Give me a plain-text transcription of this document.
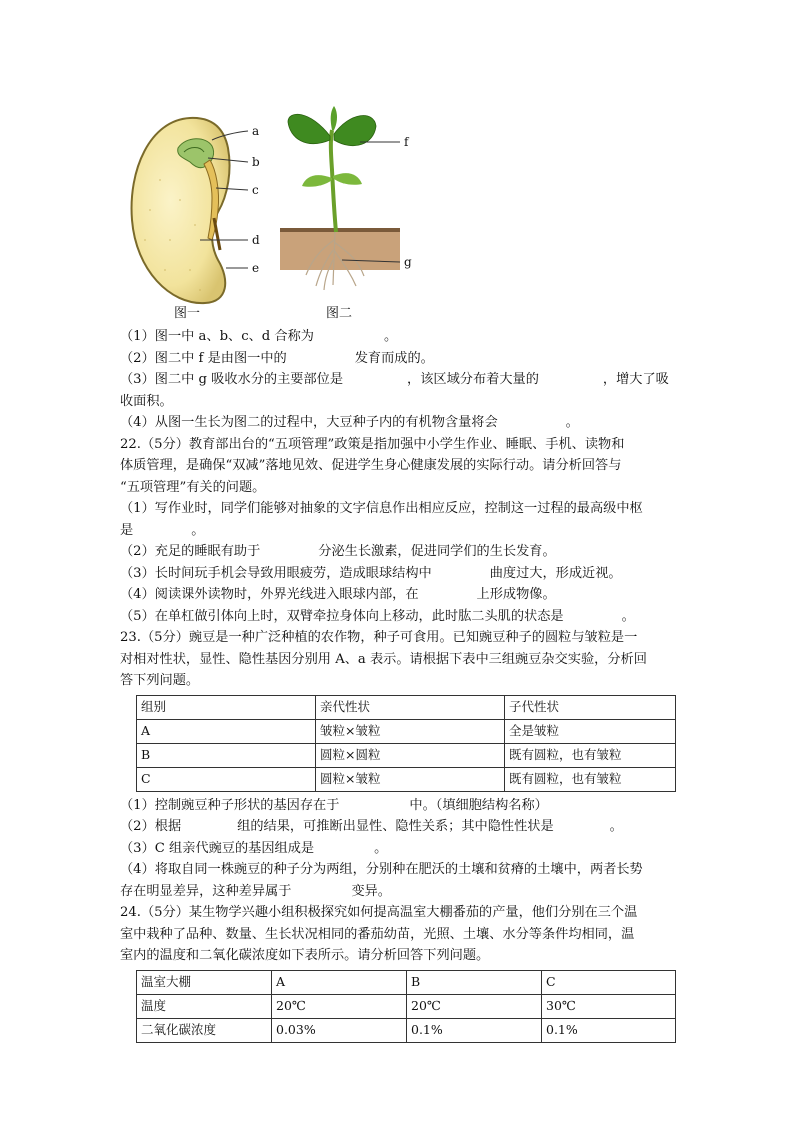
a
b
c
d
e
f
g
图一	图二
（1）图一中 a、b、c、d 合称为	。
（2）图二中 f 是由图一中的	发育而成的。
（3）图二中 g 吸收水分的主要部位是	，该区域分布着大量的	，增大了吸
收面积。
（4）从图一生长为图二的过程中，大豆种子内的有机物含量将会	。
22.（5分）教育部出台的“五项管理”政策是指加强中小学生作业、睡眠、手机、读物和
体质管理，是确保“双减”落地见效、促进学生身心健康发展的实际行动。请分析回答与
“五项管理”有关的问题。
（1）写作业时，同学们能够对抽象的文字信息作出相应反应，控制这一过程的最高级中枢
是	。
（2）充足的睡眠有助于	分泌生长激素，促进同学们的生长发育。
（3）长时间玩手机会导致用眼疲劳，造成眼球结构中	曲度过大，形成近视。
（4）阅读课外读物时，外界光线进入眼球内部，在	上形成物像。
（5）在单杠做引体向上时，双臂牵拉身体向上移动，此时肱二头肌的状态是	。
23.（5分）豌豆是一种广泛种植的农作物，种子可食用。已知豌豆种子的圆粒与皱粒是一
对相对性状，显性、隐性基因分别用 A、a 表示。请根据下表中三组豌豆杂交实验，分析回
答下列问题。
组别	亲代性状	子代性状
A	皱粒×皱粒	全是皱粒
B	圆粒×圆粒	既有圆粒，也有皱粒
C	圆粒×皱粒	既有圆粒，也有皱粒
（1）控制豌豆种子形状的基因存在于	中。（填细胞结构名称）
（2）根据	组的结果，可推断出显性、隐性关系；其中隐性性状是	。
（3）C 组亲代豌豆的基因组成是	。
（4）将取自同一株豌豆的种子分为两组，分别种在肥沃的土壤和贫瘠的土壤中，两者长势
存在明显差异，这种差异属于	变异。
24.（5分）某生物学兴趣小组积极探究如何提高温室大棚番茄的产量，他们分别在三个温
室中栽种了品种、数量、生长状况相同的番茄幼苗，光照、土壤、水分等条件均相同，温
室内的温度和二氧化碳浓度如下表所示。请分析回答下列问题。
温室大棚	A	B	C
温度	20℃	20℃	30℃
二氧化碳浓度	0.03%	0.1%	0.1%
